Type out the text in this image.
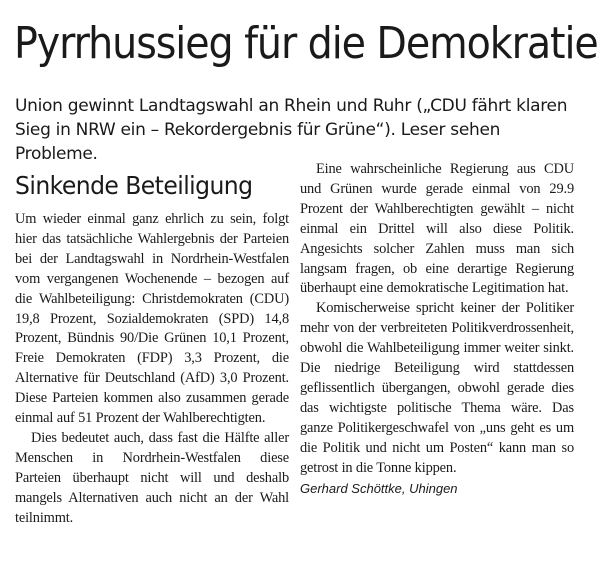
Pyrrhussieg für die Demokratie

Union gewinnt Landtagswahl an Rhein und Ruhr („CDU fährt klaren Sieg in NRW ein – Rekordergebnis für Grüne“). Leser sehen Probleme.

Sinkende Beteiligung

Um wieder einmal ganz ehrlich zu sein, folgt hier das tatsächliche Wahlergebnis der Parteien bei der Landtagswahl in Nordrhein-Westfalen vom vergangenen Wochenende – bezogen auf die Wahlbeteiligung: Christdemokraten (CDU) 19,8 Prozent, Sozialdemokraten (SPD) 14,8 Prozent, Bündnis 90/Die Grünen 10,1 Prozent, Freie Demokraten (FDP) 3,3 Prozent, die Alternative für Deutschland (AfD) 3,0 Prozent. Diese Parteien kommen also zusammen gerade einmal auf 51 Prozent der Wahlberechtigten.

Dies bedeutet auch, dass fast die Hälfte aller Menschen in Nordrhein-Westfalen diese Parteien überhaupt nicht will und deshalb mangels Alternativen auch nicht an der Wahl teilnimmt.

Eine wahrscheinliche Regierung aus CDU und Grünen wurde gerade einmal von 29.9 Prozent der Wahlberechtigten gewählt – nicht einmal ein Drittel will also diese Politik. Angesichts solcher Zahlen muss man sich langsam fragen, ob eine derartige Regierung überhaupt eine demokratische Legitimation hat.

Komischerweise spricht keiner der Politiker mehr von der verbreiteten Politikverdrossenheit, obwohl die Wahlbeteiligung immer weiter sinkt. Die niedrige Beteiligung wird stattdessen geflissentlich übergangen, obwohl gerade dies das wichtigste politische Thema wäre. Das ganze Politikergeschwafel von „uns geht es um die Politik und nicht um Posten“ kann man so getrost in die Tonne kippen.

Gerhard Schöttke, Uhingen
